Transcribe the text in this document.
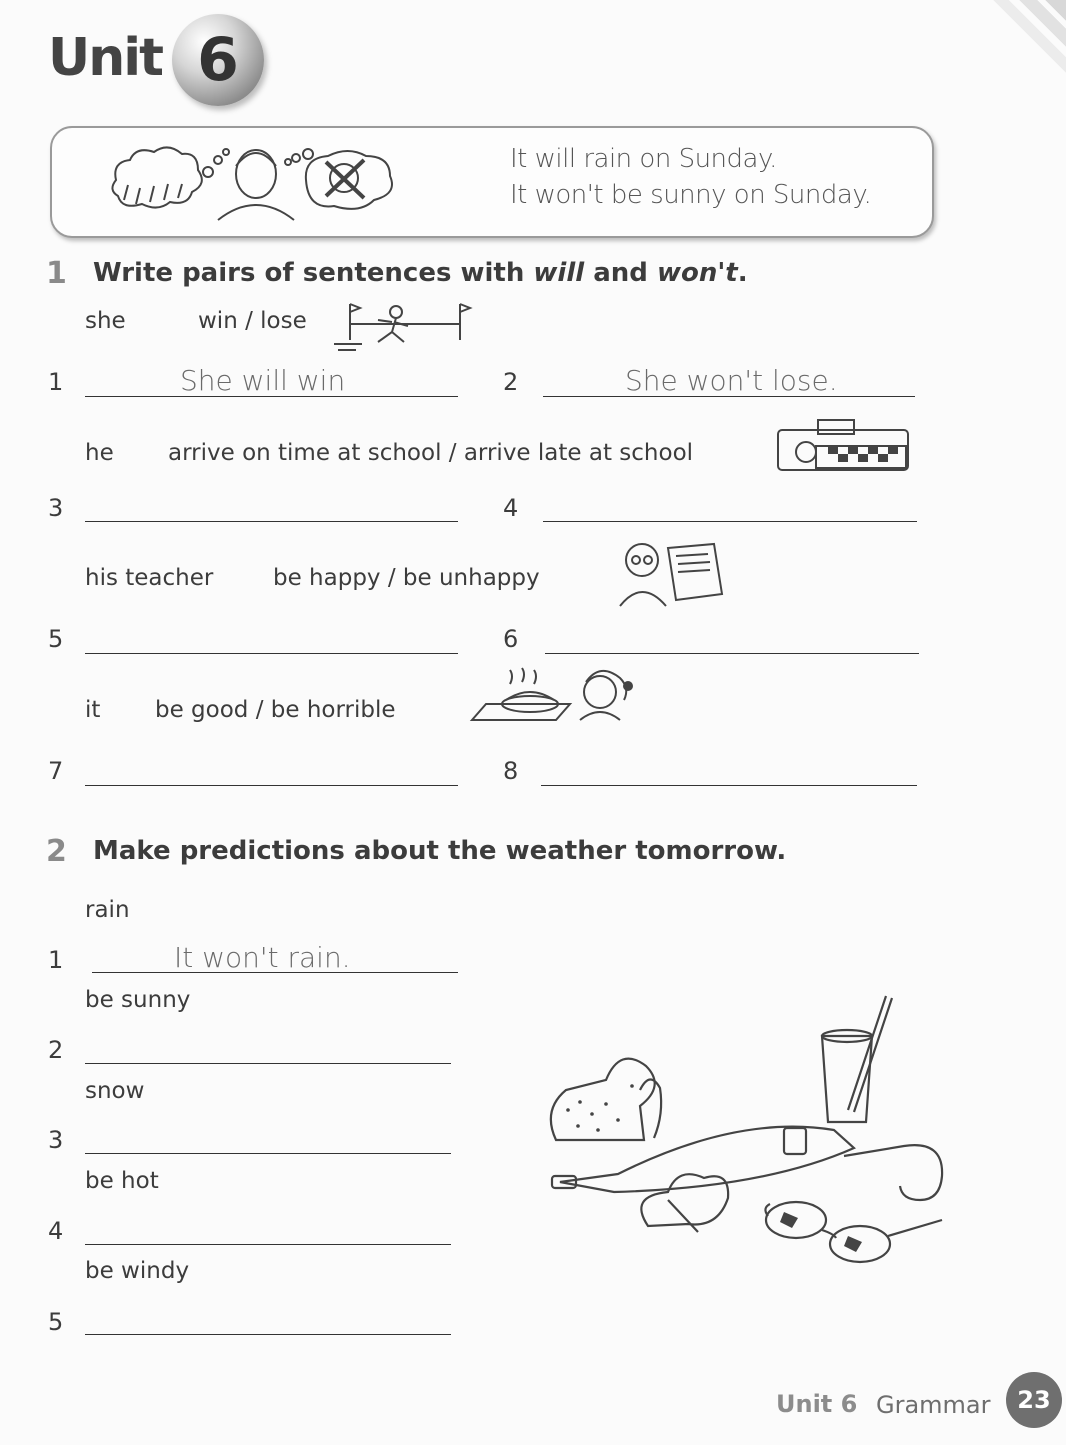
Unit 6
It will rain on Sunday.
It won't be sunny on Sunday.
1 Write pairs of sentences with will and won't.
she	win / lose
1	She will win	2	She won't lose.
he arrive on time at school / arrive late at school
3	4
his teacher	be happy / be unhappy
5	6
it be good / be horrible
7	8
2 Make predictions about the weather tomorrow.
rain
1	It won't rain.
be sunny
2
snow
3
be hot
4
be windy
5
Unit 6 Grammar	23
